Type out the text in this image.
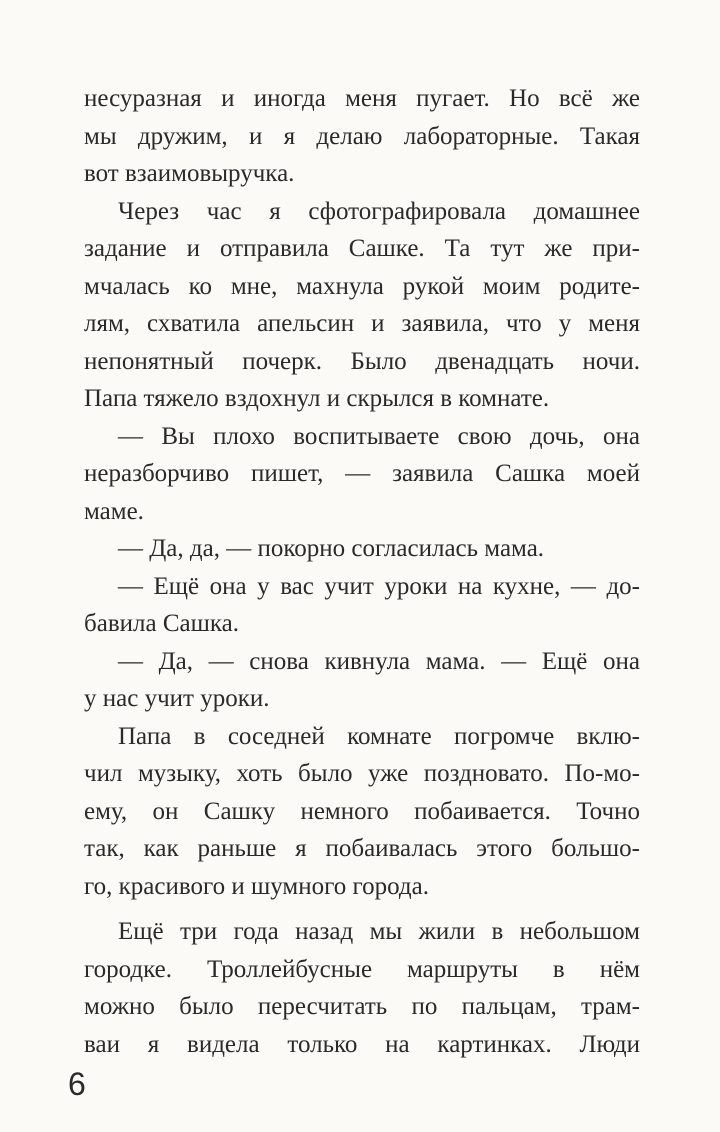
несуразная и иногда меня пугает. Но всё же
мы дружим, и я делаю лабораторные. Такая
вот взаимовыручка.
Через час я сфотографировала домашнее
задание и отправила Сашке. Та тут же при-
мчалась ко мне, махнула рукой моим родите-
лям, схватила апельсин и заявила, что у меня
непонятный почерк. Было двенадцать ночи.
Папа тяжело вздохнул и скрылся в комнате.
— Вы плохо воспитываете свою дочь, она
неразборчиво пишет, — заявила Сашка моей
маме.
— Да, да, — покорно согласилась мама.
— Ещё она у вас учит уроки на кухне, — до-
бавила Сашка.
— Да, — снова кивнула мама. — Ещё она
у нас учит уроки.
Папа в соседней комнате погромче вклю-
чил музыку, хоть было уже поздновато. По-мо-
ему, он Сашку немного побаивается. Точно
так, как раньше я побаивалась этого большо-
го, красивого и шумного города.
Ещё три года назад мы жили в небольшом
городке. Троллейбусные маршруты в нём
можно было пересчитать по пальцам, трам-
ваи я видела только на картинках. Люди
6
